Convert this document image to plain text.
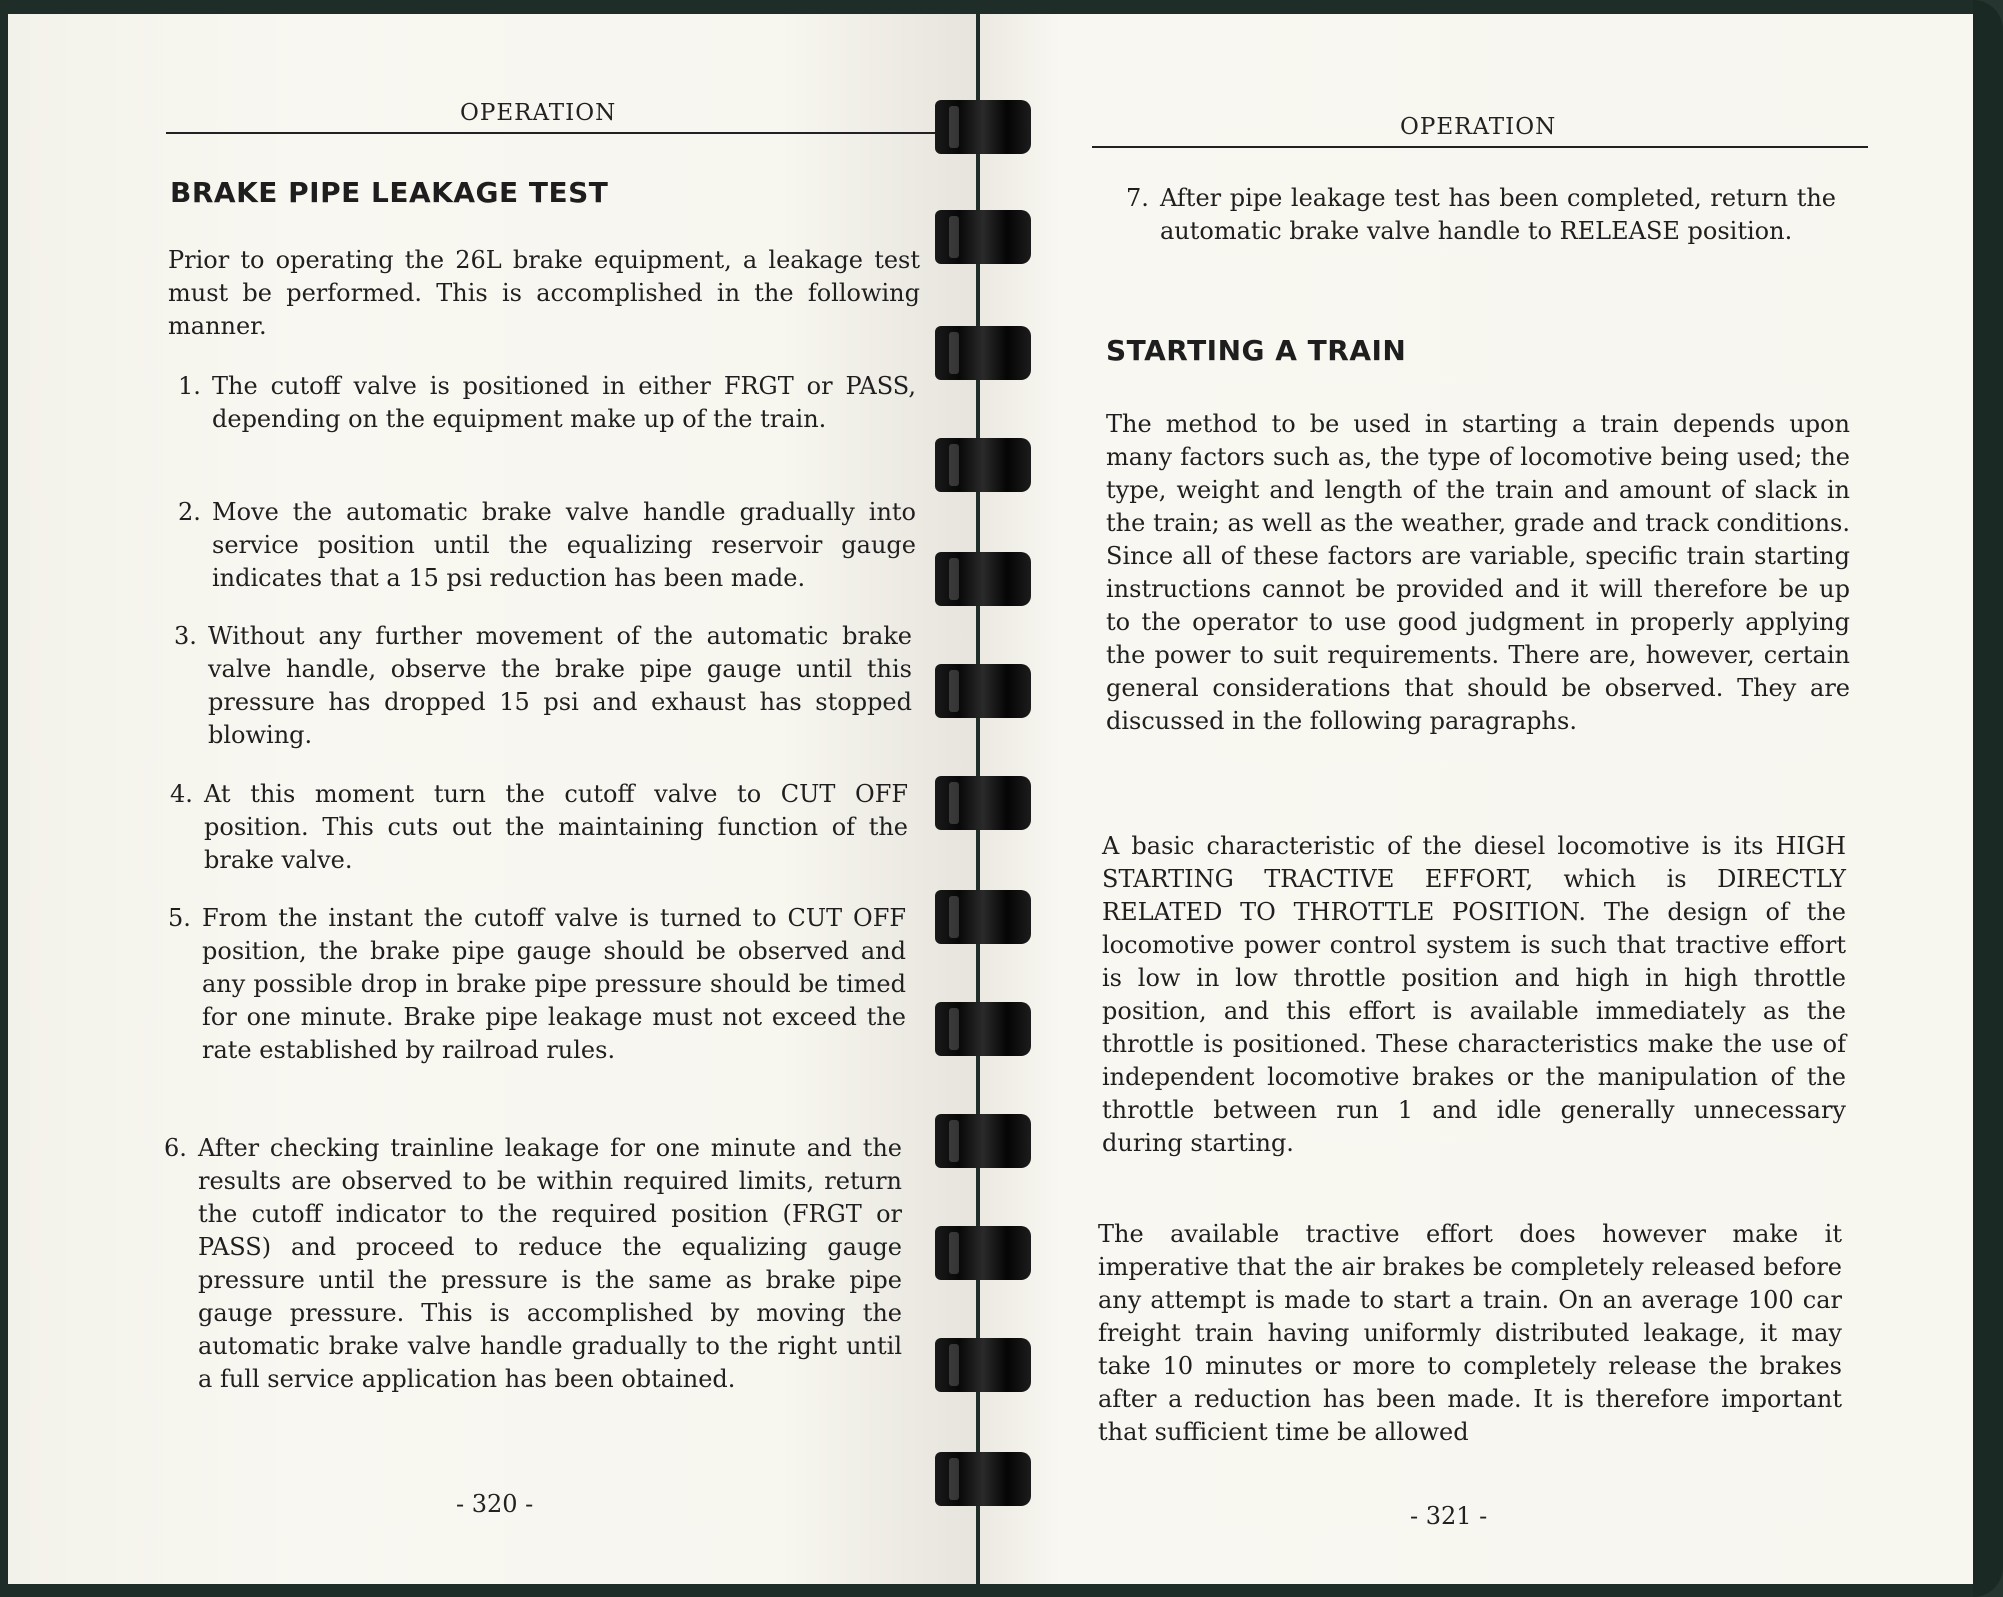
OPERATION
BRAKE PIPE LEAKAGE TEST
Prior to operating the 26L brake equipment, a leakage test must be performed. This is accomplished in the following manner.
1. The cutoff valve is positioned in either FRGT or PASS, depending on the equipment make up of the train.
2. Move the automatic brake valve handle gradually into service position until the equalizing reservoir gauge indicates that a 15 psi reduction has been made.
3. Without any further movement of the automatic brake valve handle, observe the brake pipe gauge until this pressure has dropped 15 psi and exhaust has stopped blowing.
4. At this moment turn the cutoff valve to CUT OFF position. This cuts out the maintaining function of the brake valve.
5. From the instant the cutoff valve is turned to CUT OFF position, the brake pipe gauge should be observed and any possible drop in brake pipe pressure should be timed for one minute. Brake pipe leakage must not exceed the rate established by railroad rules.
6. After checking trainline leakage for one minute and the results are observed to be within required limits, return the cutoff indicator to the required position (FRGT or PASS) and proceed to reduce the equalizing gauge pressure until the pressure is the same as brake pipe gauge pressure. This is accomplished by moving the automatic brake valve handle gradually to the right until a full service application has been obtained.
- 320 -
OPERATION
7. After pipe leakage test has been completed, return the automatic brake valve handle to RELEASE position.
STARTING A TRAIN
The method to be used in starting a train depends upon many factors such as, the type of locomotive being used; the type, weight and length of the train and amount of slack in the train; as well as the weather, grade and track conditions. Since all of these factors are variable, specific train starting instructions cannot be provided and it will therefore be up to the operator to use good judgment in properly applying the power to suit requirements. There are, however, certain general considerations that should be observed. They are discussed in the following paragraphs.
A basic characteristic of the diesel locomotive is its HIGH STARTING TRACTIVE EFFORT, which is DIRECTLY RELATED TO THROTTLE POSITION. The design of the locomotive power control system is such that tractive effort is low in low throttle position and high in high throttle position, and this effort is available immediately as the throttle is positioned. These characteristics make the use of independent locomotive brakes or the manipulation of the throttle between run 1 and idle generally unnecessary during starting.
The available tractive effort does however make it imperative that the air brakes be completely released before any attempt is made to start a train. On an average 100 car freight train having uniformly distributed leakage, it may take 10 minutes or more to completely release the brakes after a reduction has been made. It is therefore important that sufficient time be allowed
- 321 -
